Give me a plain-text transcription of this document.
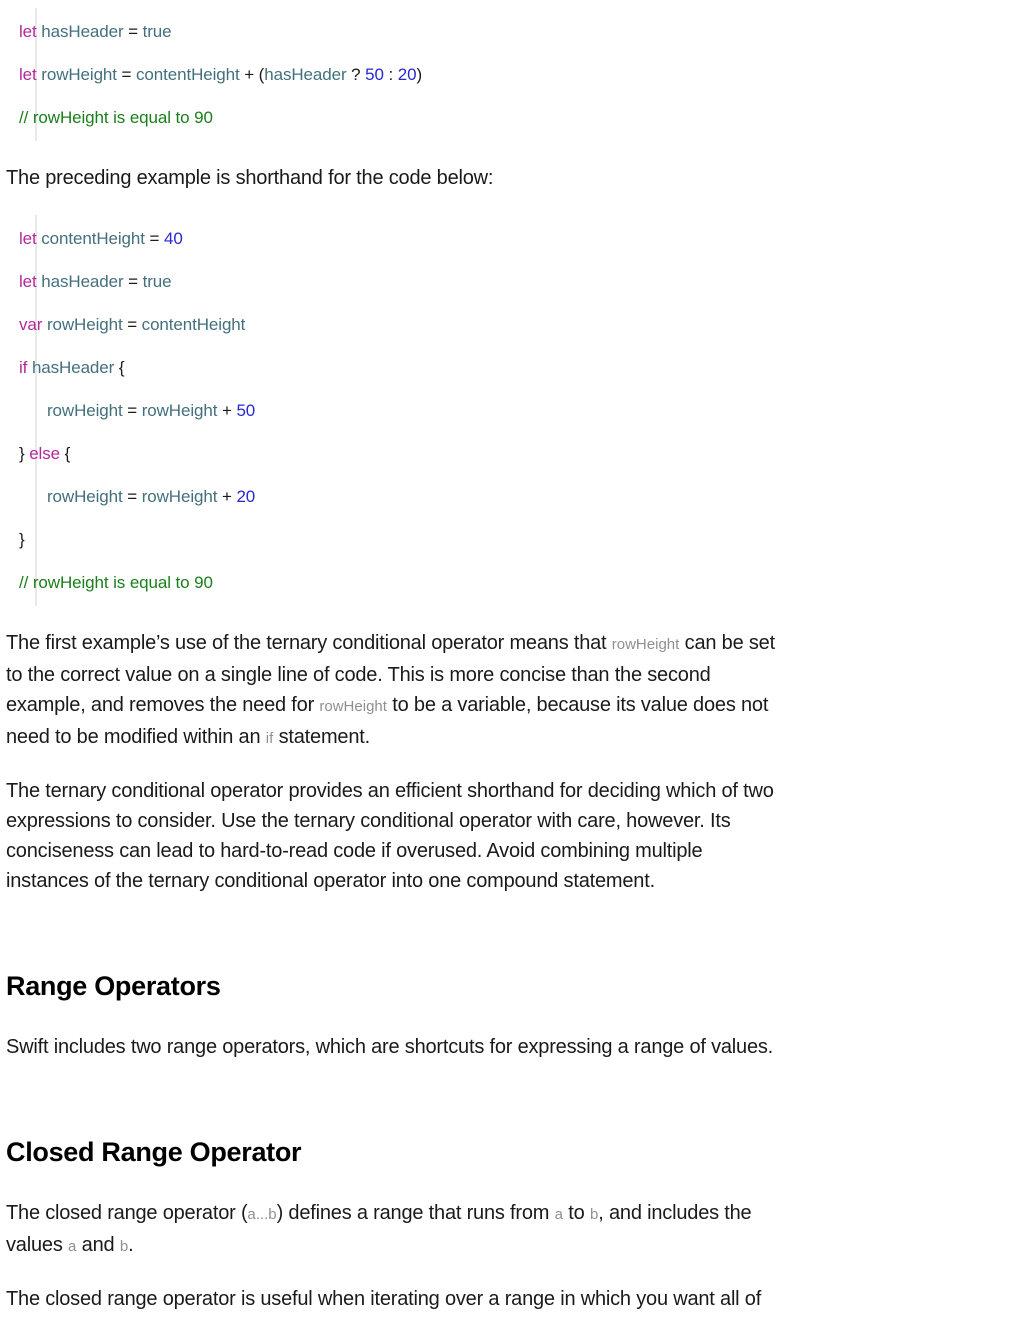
let hasHeader = true
let rowHeight = contentHeight + (hasHeader ? 50 : 20)
// rowHeight is equal to 90
The preceding example is shorthand for the code below:
let contentHeight = 40
let hasHeader = true
var rowHeight = contentHeight
if hasHeader {
rowHeight = rowHeight + 50
} else {
rowHeight = rowHeight + 20
}
// rowHeight is equal to 90
The first example’s use of the ternary conditional operator means that rowHeight can be set
to the correct value on a single line of code. This is more concise than the second
example, and removes the need for rowHeight to be a variable, because its value does not
need to be modified within an if statement.
The ternary conditional operator provides an efficient shorthand for deciding which of two
expressions to consider. Use the ternary conditional operator with care, however. Its
conciseness can lead to hard-to-read code if overused. Avoid combining multiple
instances of the ternary conditional operator into one compound statement.
Range Operators
Swift includes two range operators, which are shortcuts for expressing a range of values.
Closed Range Operator
The closed range operator (a...b) defines a range that runs from a to b, and includes the
values a and b.
The closed range operator is useful when iterating over a range in which you want all of
